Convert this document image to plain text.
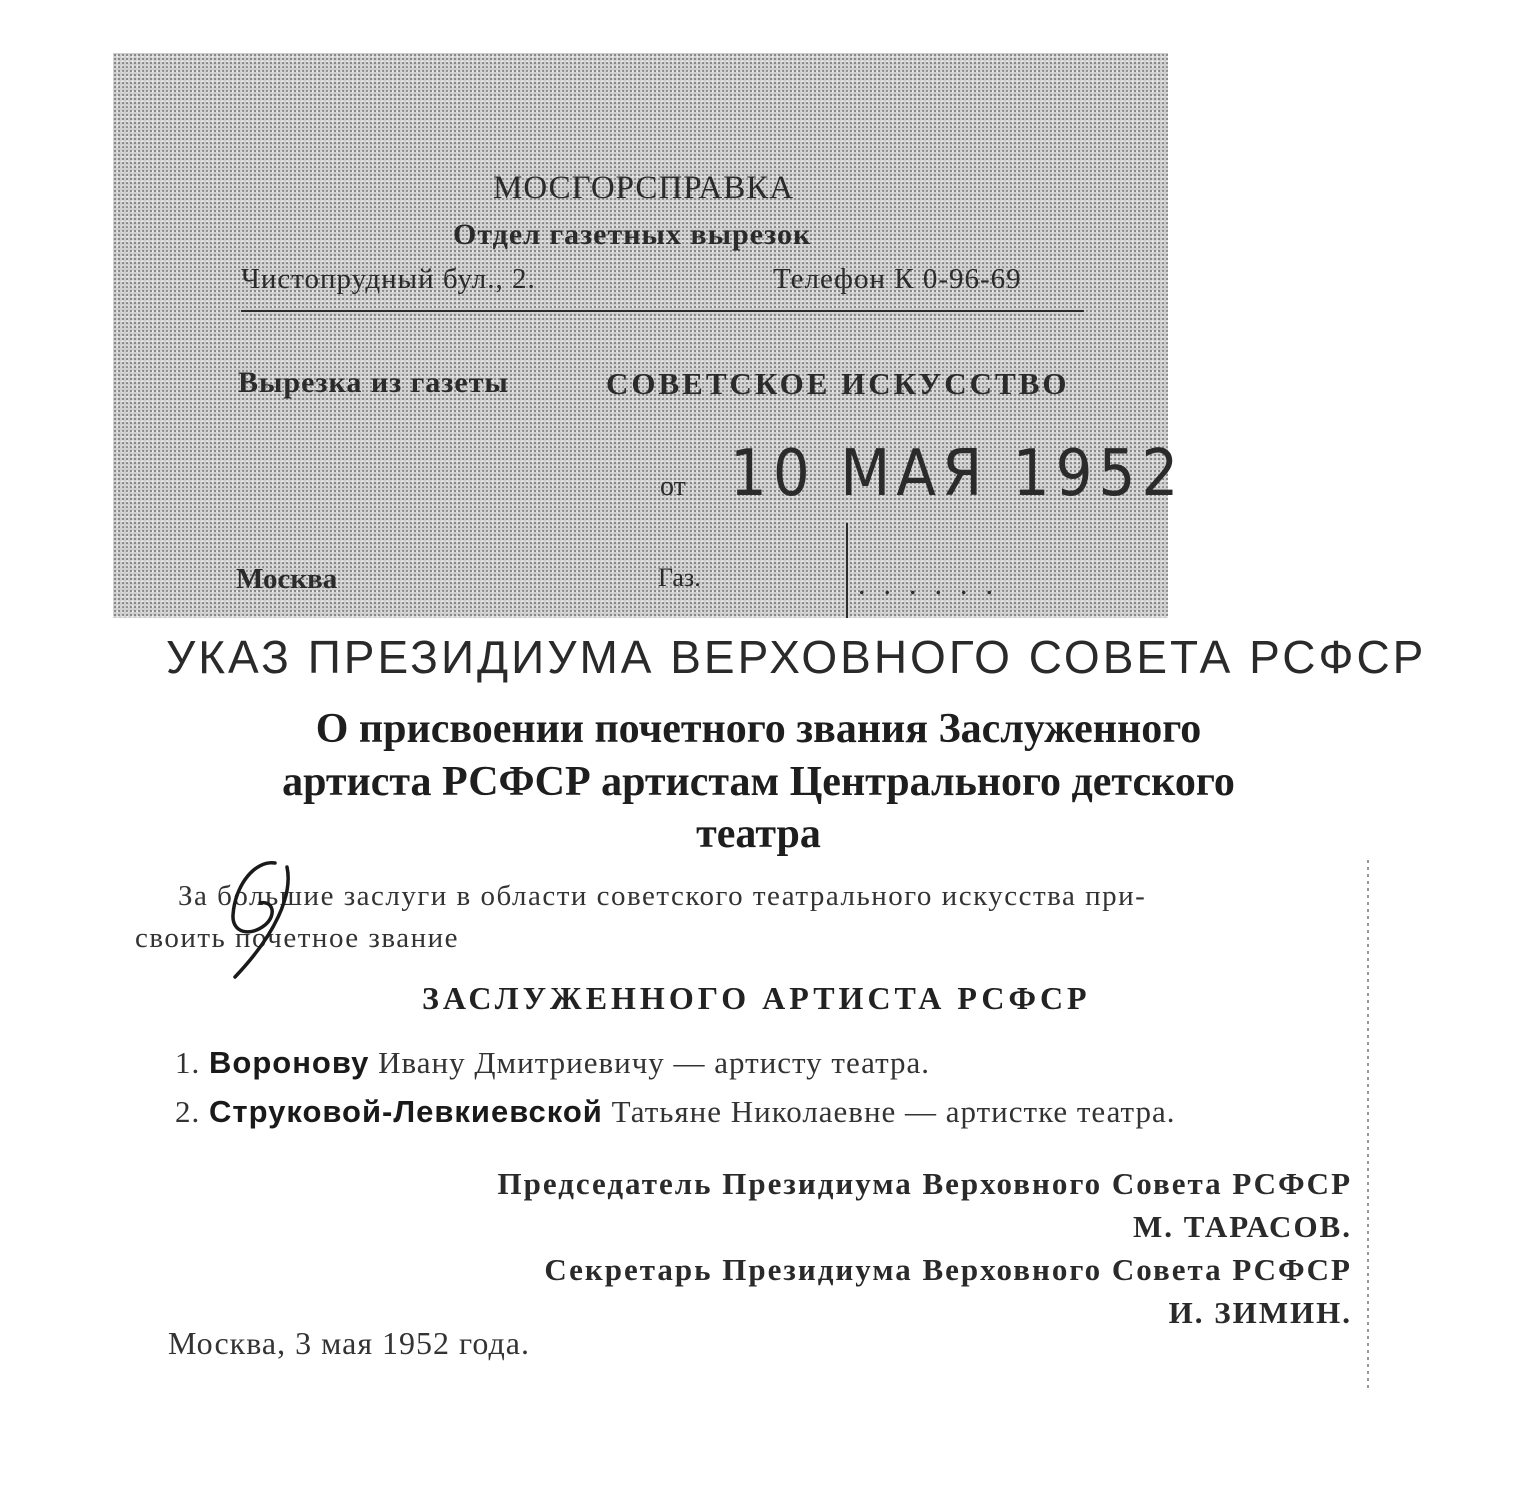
МОСГОРСПРАВКА
Отдел газетных вырезок
Чистопрудный бул., 2.	Телефон К 0-96-69
Вырезка из газеты	СОВЕТСКОЕ ИСКУССТВО
от 10 МАЯ 1952
Москва	Газ.	......
УКАЗ ПРЕЗИДИУМА ВЕРХОВНОГО СОВЕТА РСФСР
О присвоении почетного звания Заслуженного
артиста РСФСР артистам Центрального детского
театра
За большие заслуги в области советского театрального искусства при-
своить почетное звание
ЗАСЛУЖЕННОГО АРТИСТА РСФСР
1. Воронову Ивану Дмитриевичу — артисту театра.
2. Струковой-Левкиевской Татьяне Николаевне — артистке театра.
Председатель Президиума Верховного Совета РСФСР
М. ТАРАСОВ.
Секретарь Президиума Верховного Совета РСФСР
И. ЗИМИН.
Москва, 3 мая 1952 года.
